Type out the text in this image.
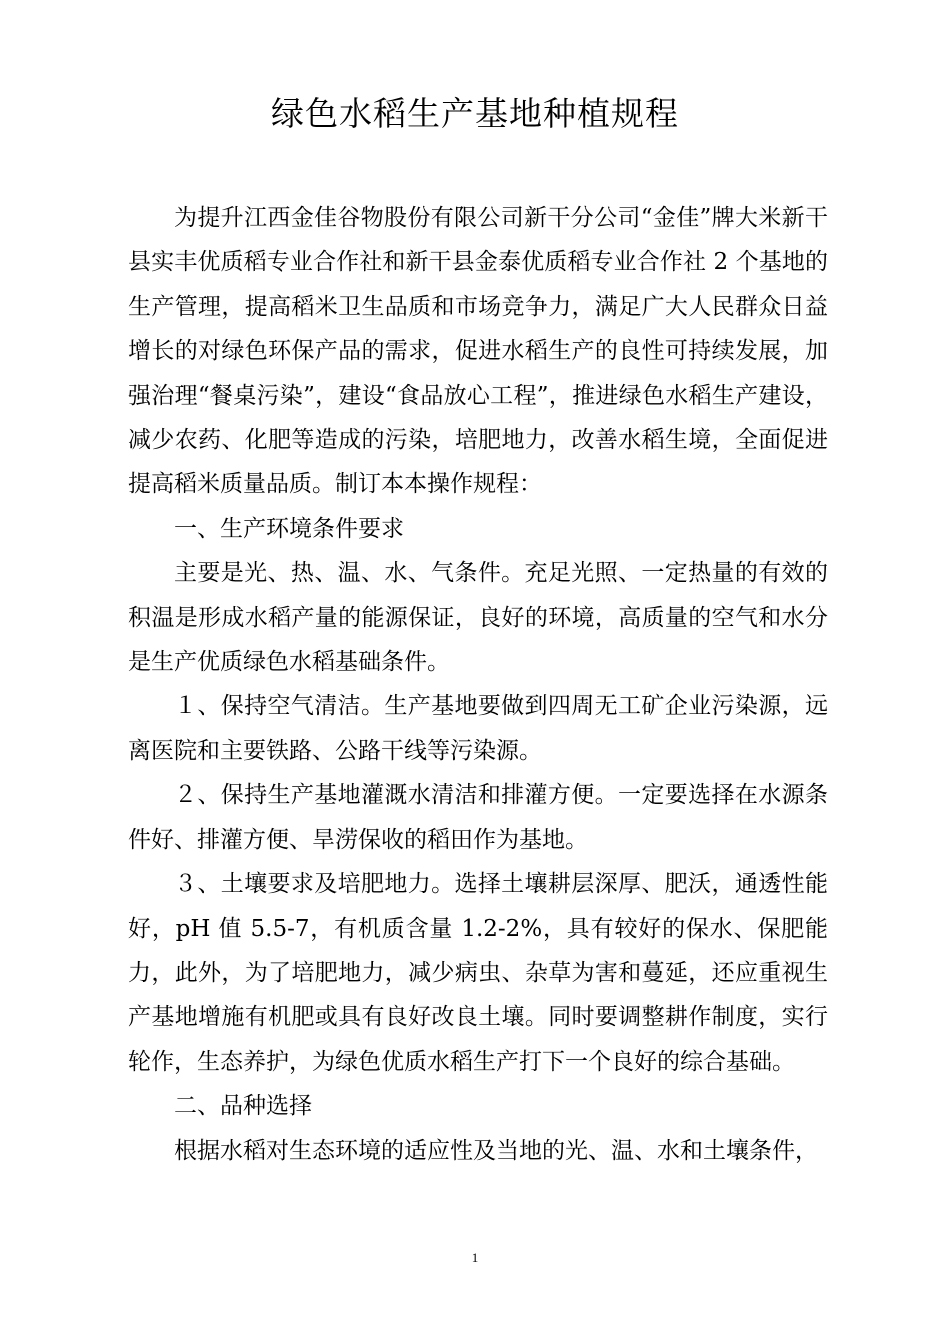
绿色水稻生产基地种植规程

为提升江西金佳谷物股份有限公司新干分公司“金佳”牌大米新干县实丰优质稻专业合作社和新干县金泰优质稻专业合作社 2 个基地的生产管理，提高稻米卫生品质和市场竞争力，满足广大人民群众日益增长的对绿色环保产品的需求，促进水稻生产的良性可持续发展，加强治理“餐桌污染”，建设“食品放心工程”，推进绿色水稻生产建设，减少农药、化肥等造成的污染，培肥地力，改善水稻生境，全面促进提高稻米质量品质。制订本本操作规程：

一、生产环境条件要求

主要是光、热、温、水、气条件。充足光照、一定热量的有效的积温是形成水稻产量的能源保证，良好的环境，高质量的空气和水分是生产优质绿色水稻基础条件。

１、保持空气清洁。生产基地要做到四周无工矿企业污染源，远离医院和主要铁路、公路干线等污染源。

２、保持生产基地灌溉水清洁和排灌方便。一定要选择在水源条件好、排灌方便、旱涝保收的稻田作为基地。

３、土壤要求及培肥地力。选择土壤耕层深厚、肥沃，通透性能好，pH 值 5.5-7，有机质含量 1.2-2%，具有较好的保水、保肥能力，此外，为了培肥地力，减少病虫、杂草为害和蔓延，还应重视生产基地增施有机肥或具有良好改良土壤。同时要调整耕作制度，实行轮作，生态养护，为绿色优质水稻生产打下一个良好的综合基础。

二、品种选择

根据水稻对生态环境的适应性及当地的光、温、水和土壤条件，

1
